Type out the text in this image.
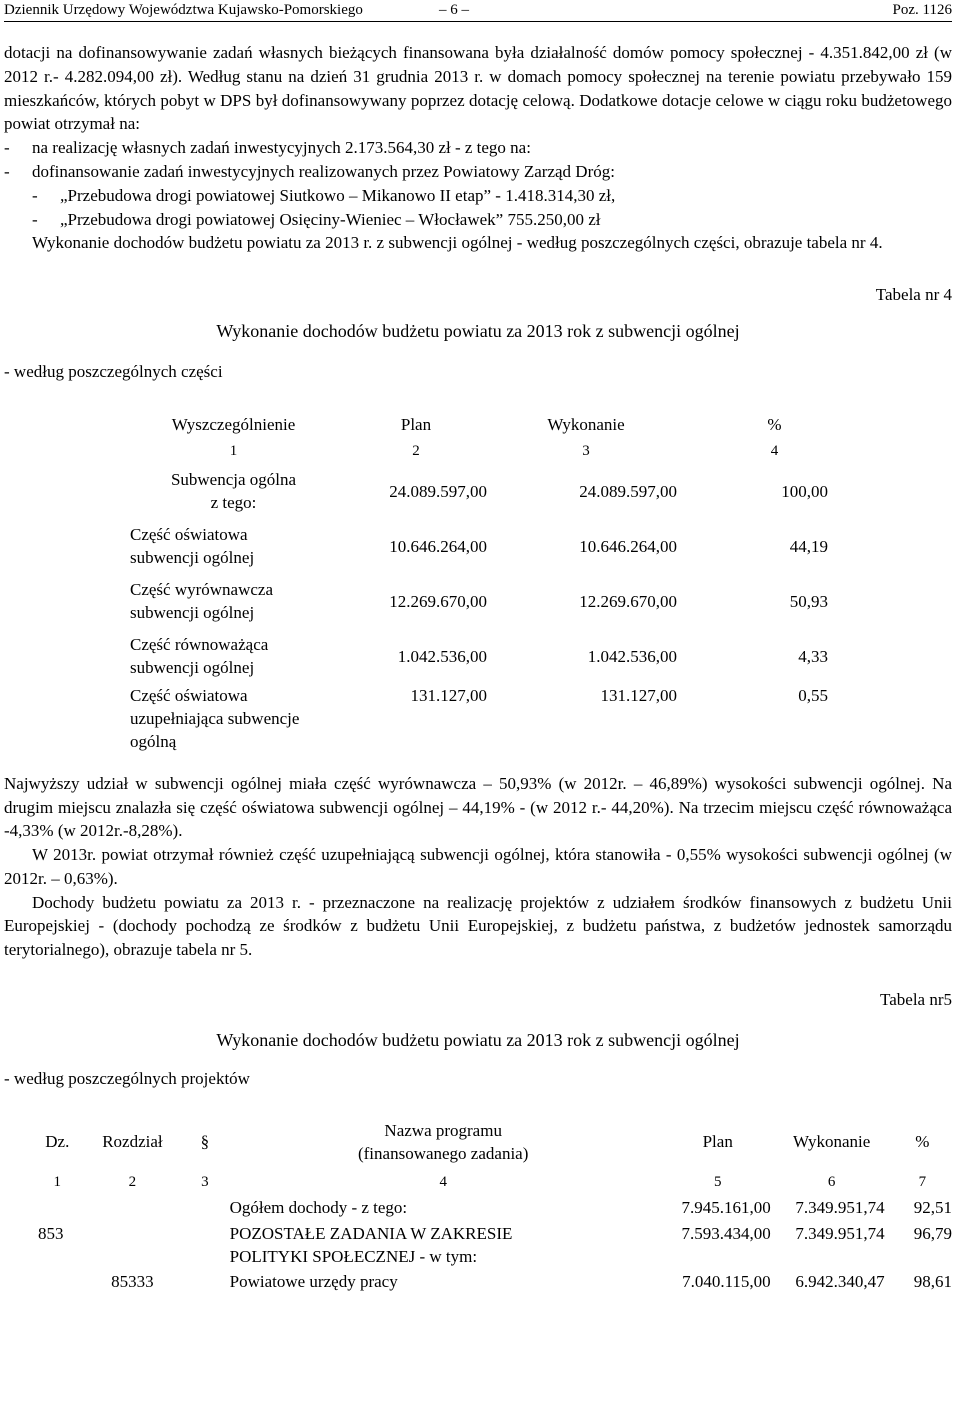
Dziennik Urzędowy Województwa Kujawsko-Pomorskiego	– 6 –	Poz. 1126

dotacji na dofinansowywanie zadań własnych bieżących finansowana była działalność domów pomocy społecznej - 4.351.842,00 zł (w 2012 r.- 4.282.094,00 zł). Według stanu na dzień 31 grudnia 2013 r. w domach pomocy społecznej na terenie powiatu przebywało 159 mieszkańców, których pobyt w DPS był dofinansowywany poprzez dotację celową. Dodatkowe dotacje celowe w ciągu roku budżetowego powiat otrzymał na:

-	na realizację własnych zadań inwestycyjnych 2.173.564,30 zł - z tego na:
-	dofinansowanie zadań inwestycyjnych realizowanych przez Powiatowy Zarząd Dróg:
-	„Przebudowa drogi powiatowej Siutkowo – Mikanowo II etap” - 1.418.314,30 zł,
-	„Przebudowa drogi powiatowej Osięciny-Wieniec – Włocławek” 755.250,00 zł

Wykonanie dochodów budżetu powiatu za 2013 r. z subwencji ogólnej - według poszczególnych części, obrazuje tabela nr 4.

Tabela nr 4
Wykonanie dochodów budżetu powiatu za 2013 rok z subwencji ogólnej
- według poszczególnych części
Wyszczególnienie	Plan	Wykonanie	%
1	2	3	4

Subwencja ogólna
z tego:	24.089.597,00	24.089.597,00	100,00

Część oświatowa
subwencji ogólnej	10.646.264,00	10.646.264,00	44,19

Część wyrównawcza
subwencji ogólnej	12.269.670,00	12.269.670,00	50,93

Część równoważąca
subwencji ogólnej	1.042.536,00	1.042.536,00	4,33

Część oświatowa
uzupełniająca subwencje
ogólną	131.127,00	131.127,00	0,55

Najwyższy udział w subwencji ogólnej miała część wyrównawcza – 50,93% (w 2012r. – 46,89%) wysokości subwencji ogólnej. Na drugim miejscu znalazła się część oświatowa subwencji ogólnej – 44,19% - (w 2012 r.- 44,20%). Na trzecim miejscu część równoważąca -4,33% (w 2012r.-8,28%).

W 2013r. powiat otrzymał również część uzupełniającą subwencji ogólnej, która stanowiła - 0,55% wysokości subwencji ogólnej (w 2012r. – 0,63%).

Dochody budżetu powiatu za 2013 r. - przeznaczone na realizację projektów z udziałem środków finansowych z budżetu Unii Europejskiej - (dochody pochodzą ze środków z budżetu Unii Europejskiej, z budżetu państwa, z budżetów jednostek samorządu terytorialnego), obrazuje tabela nr 5.

Tabela nr5
Wykonanie dochodów budżetu powiatu za 2013 rok z subwencji ogólnej
- według poszczególnych projektów
Dz.	Rozdział	§	Nazwa programu
(finansowanego zadania)	Plan	Wykonanie	%
1	2	3	4	5	6	7
			Ogółem dochody - z tego:	7.945.161,00	7.349.951,74	92,51
853			POZOSTAŁE ZADANIA W ZAKRESIE
POLITYKI SPOŁECZNEJ - w tym:	7.593.434,00	7.349.951,74	96,79
	85333		Powiatowe urzędy pracy	7.040.115,00	6.942.340,47	98,61
